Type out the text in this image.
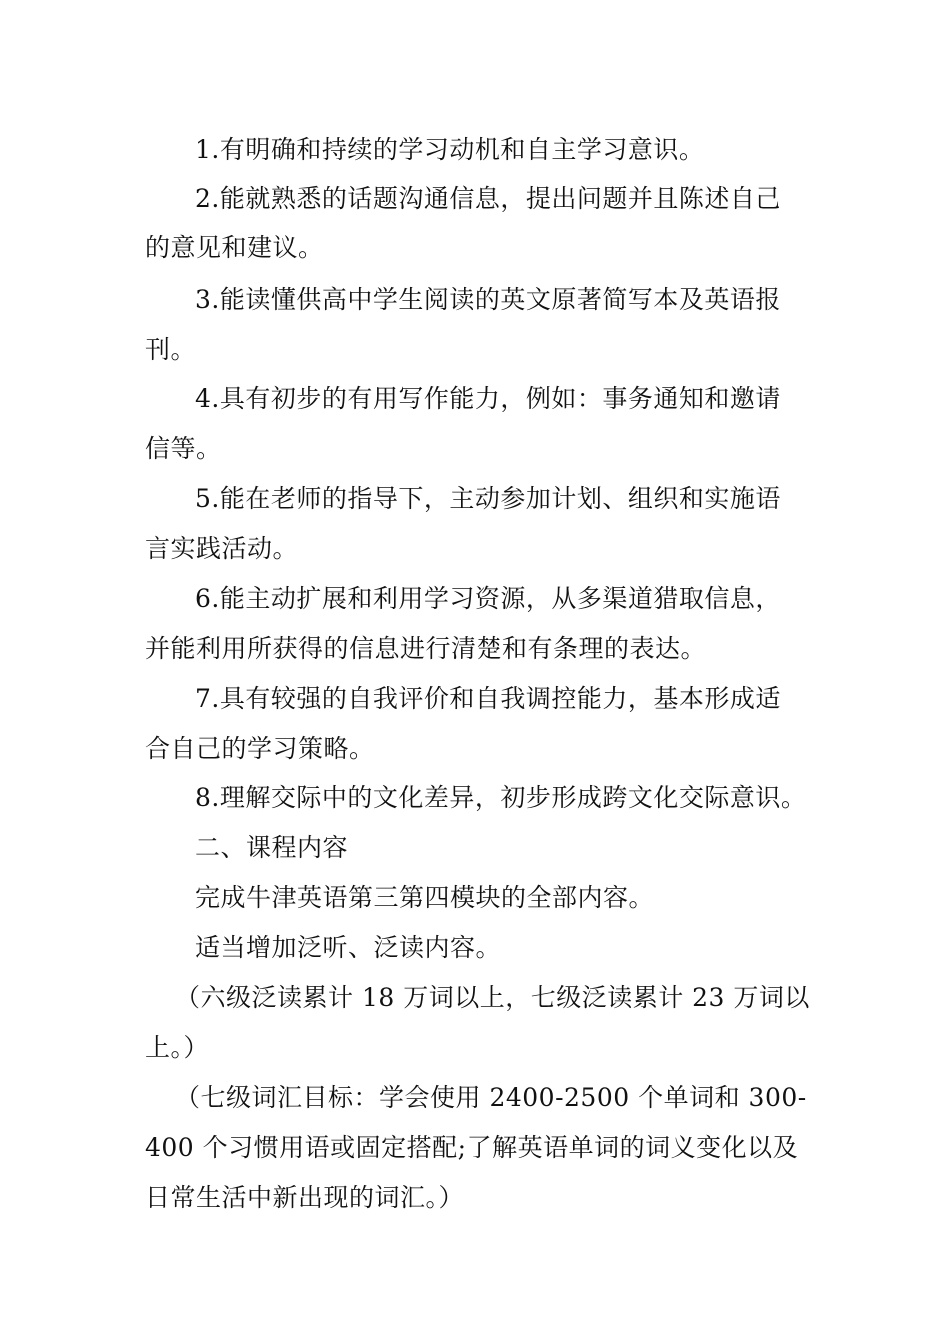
1.有明确和持续的学习动机和自主学习意识。
2.能就熟悉的话题沟通信息，提出问题并且陈述自己
的意见和建议。
3.能读懂供高中学生阅读的英文原著简写本及英语报
刊。
4.具有初步的有用写作能力，例如：事务通知和邀请
信等。
5.能在老师的指导下，主动参加计划、组织和实施语
言实践活动。
6.能主动扩展和利用学习资源，从多渠道猎取信息，
并能利用所获得的信息进行清楚和有条理的表达。
7.具有较强的自我评价和自我调控能力，基本形成适
合自己的学习策略。
8.理解交际中的文化差异，初步形成跨文化交际意识。
二、课程内容
完成牛津英语第三第四模块的全部内容。
适当增加泛听、泛读内容。
（六级泛读累计 18 万词以上，七级泛读累计 23 万词以
上。）
（七级词汇目标：学会使用 2400-2500 个单词和 300-
400 个习惯用语或固定搭配;了解英语单词的词义变化以及
日常生活中新出现的词汇。）
